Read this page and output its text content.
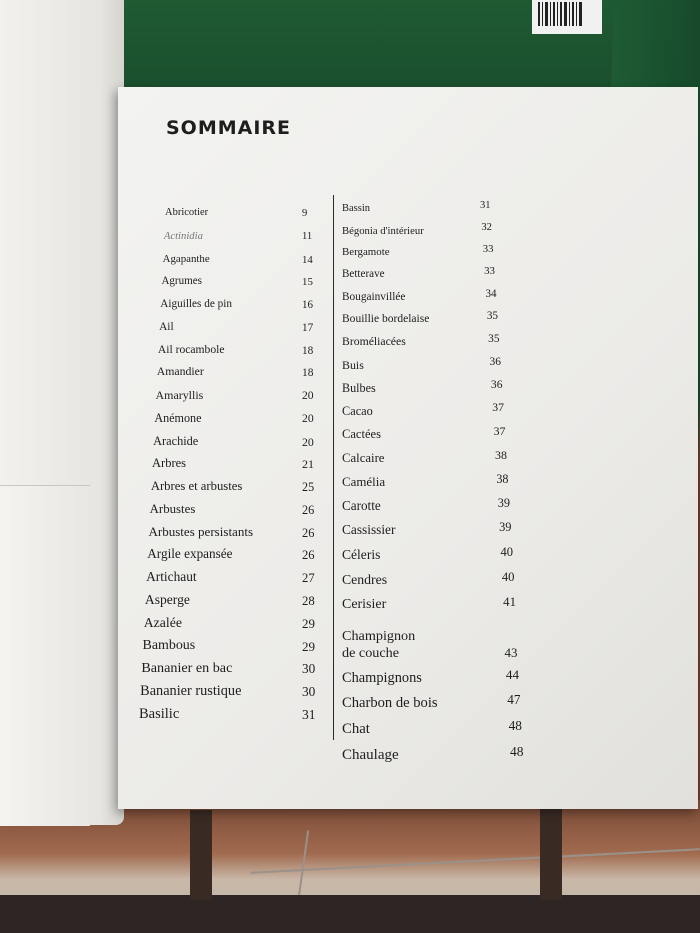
SOMMAIRE
Abricotier	9
Actinidia	11
Agapanthe	14
Agrumes	15
Aiguilles de pin	16
Ail	17
Ail rocambole	18
Amandier	18
Amaryllis	20
Anémone	20
Arachide	20
Arbres	21
Arbres et arbustes	25
Arbustes	26
Arbustes persistants	26
Argile expansée	26
Artichaut	27
Asperge	28
Azalée	29
Bambous	29
Bananier en bac	30
Bananier rustique	30
Basilic	31
Bassin	31
Bégonia d'intérieur	32
Bergamote	33
Betterave	33
Bougainvillée	34
Bouillie bordelaise	35
Broméliacées	35
Buis	36
Bulbes	36
Cacao	37
Cactées	37
Calcaire	38
Camélia	38
Carotte	39
Cassissier	39
Céleris	40
Cendres	40
Cerisier	41
Champignon
de couche	43
Champignons	44
Charbon de bois	47
Chat	48
Chaulage	48
